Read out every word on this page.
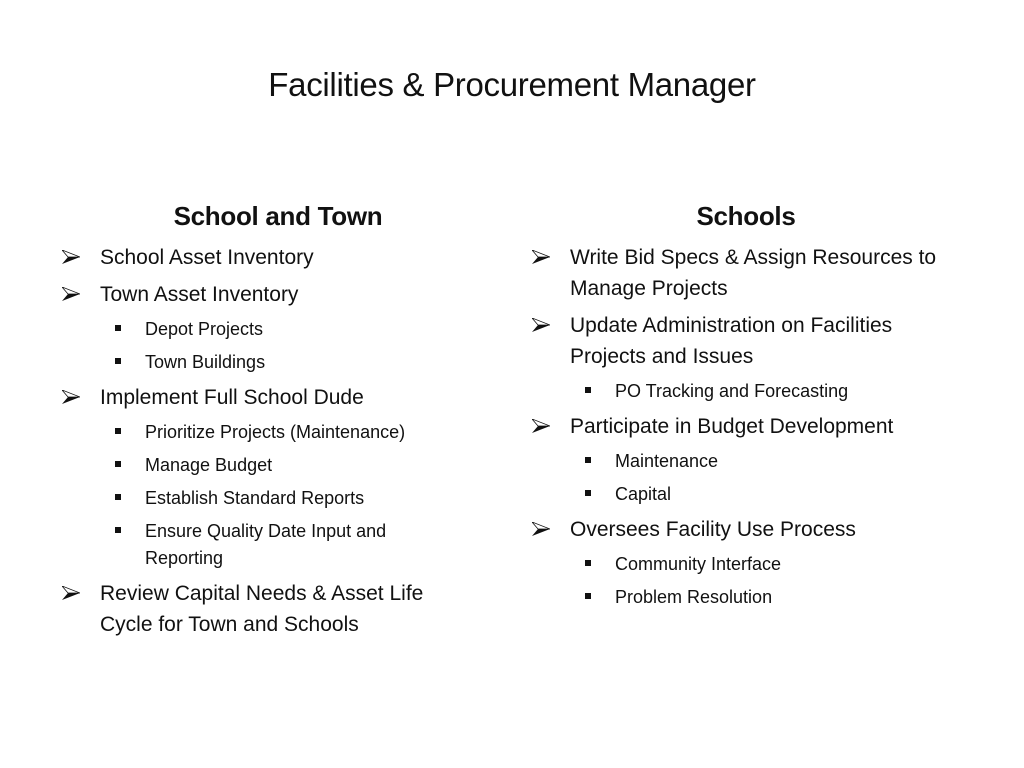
Facilities & Procurement Manager
School and Town
School Asset Inventory
Town Asset Inventory
Depot Projects
Town Buildings
Implement Full School Dude
Prioritize Projects (Maintenance)
Manage Budget
Establish Standard Reports
Ensure Quality Date Input and Reporting
Review Capital Needs & Asset Life Cycle for Town and Schools
Schools
Write Bid Specs & Assign Resources to Manage Projects
Update Administration on Facilities Projects and Issues
PO Tracking and Forecasting
Participate in Budget Development
Maintenance
Capital
Oversees Facility Use Process
Community Interface
Problem Resolution
